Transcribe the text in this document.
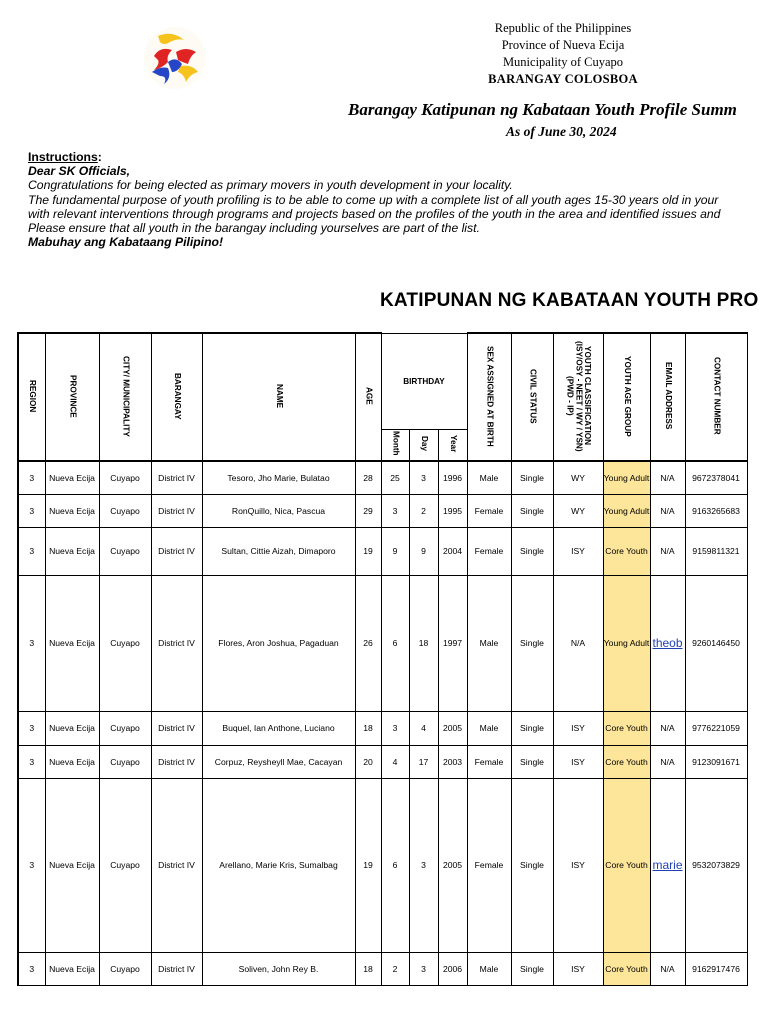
Republic of the Philippines
Province of Nueva Ecija
Municipality of Cuyapo
BARANGAY COLOSBOA
Barangay Katipunan ng Kabataan Youth Profile Summ
As of June 30, 2024
Instructions:
Dear SK Officials,
Congratulations for being elected as primary movers in youth development in your locality.
The fundamental purpose of youth profiling is to be able to come up with a complete list of all youth ages 15-30 years old in your
with relevant interventions through programs and projects based on the profiles of the youth in the area and identified issues and
Please ensure that all youth in the barangay including yourselves are part of the list.
Mabuhay ang Kabataang Pilipino!
KATIPUNAN NG KABATAAN YOUTH PRO
REGION	PROVINCE	CITY/ MUNICIPALITY	BARANGAY	NAME	AGE	BIRTHDAY			SEX ASSIGNED AT BIRTH	CIVIL STATUS	YOUTH CLASSIFICATION
(ISY/OSY - NEET / WY / YSN)
(PWD - IP)	YOUTH AGE GROUP	EMAIL ADDRESS	CONTACT NUMBER
						Month	Day	Year						
3	Nueva Ecija	Cuyapo	District IV	Tesoro, Jho Marie, Bulatao	28	25	3	1996	Male	Single	WY	Young Adult	N/A	9672378041
3	Nueva Ecija	Cuyapo	District IV	RonQuillo, Nica, Pascua	29	3	2	1995	Female	Single	WY	Young Adult	N/A	9163265683
3	Nueva Ecija	Cuyapo	District IV	Sultan, Cittie Aizah, Dimaporo	19	9	9	2004	Female	Single	ISY	Core Youth	N/A	9159811321
3	Nueva Ecija	Cuyapo	District IV	Flores, Aron Joshua, Pagaduan	26	6	18	1997	Male	Single	N/A	Young Adult	theob	9260146450
3	Nueva Ecija	Cuyapo	District IV	Buquel, Ian Anthone, Luciano	18	3	4	2005	Male	Single	ISY	Core Youth	N/A	9776221059
3	Nueva Ecija	Cuyapo	District IV	Corpuz, Reysheyll Mae, Cacayan	20	4	17	2003	Female	Single	ISY	Core Youth	N/A	9123091671
3	Nueva Ecija	Cuyapo	District IV	Arellano, Marie Kris, Sumalbag	19	6	3	2005	Female	Single	ISY	Core Youth	marie	9532073829
3	Nueva Ecija	Cuyapo	District IV	Soliven, John Rey B.	18	2	3	2006	Male	Single	ISY	Core Youth	N/A	9162917476
